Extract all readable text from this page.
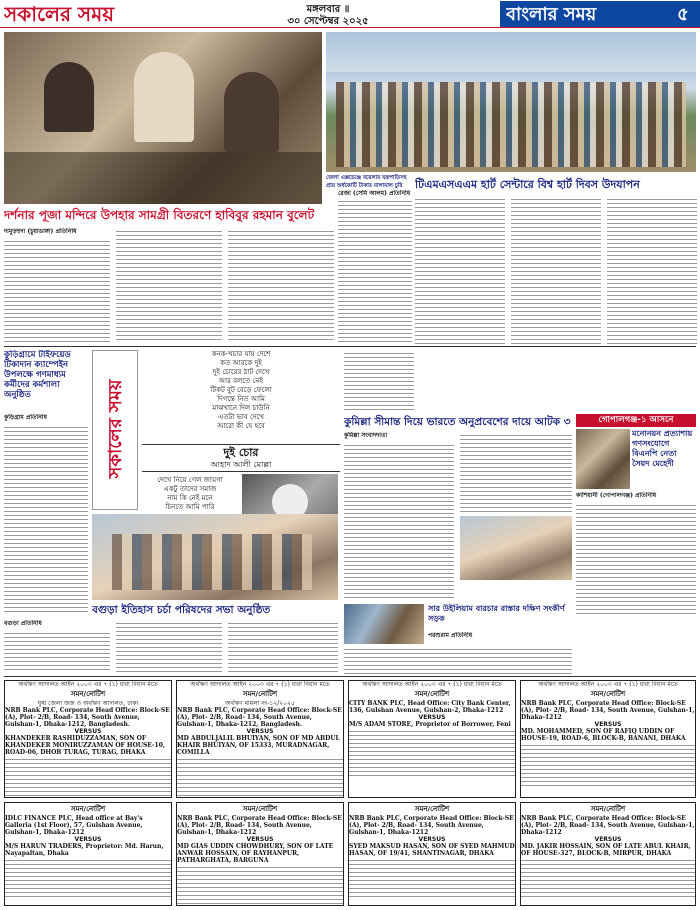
সকালের সময়	মঙ্গলবার ॥
৩০ সেপ্টেম্বর ২০২৫	বাংলার সময়	৫
দর্শনার পূজা মন্দিরে উপহার সামগ্রী বিতরণে হাবিবুর রহমান বুলেট
টিএমএসএএম হার্ট সেন্টারে বিশ্ব হার্ট দিবস উদযাপন
দামুড়হুদা (চুয়াডাঙ্গা) প্রতিনিধি
কুড়িগ্রামে টাইফয়েড টিকাদান ক্যাম্পেইন উপলক্ষে গণমাধ্যম কর্মীদের কর্মশালা অনুষ্ঠিত
কুড়িগ্রাম প্রতিনিধি	সকালের সময়
কনক-খচার যায় দেশে
কত আরকে দুই
দুই চোরের ঠাট দেখে
আর বলতে নেই
টিকট বুট বেড়ে ফেলো
দিগন্তে নিত আমি
মাঝখানে দিল চাউনি
এতটা ভাব দেখে
আরো কী যে হবে
দুই চোর
আহাদ আলী মোল্লা
দেখে নিয়ে গেল জায়গা
একটু তাদের সমাজ
নাম কি নেই মনে
চিনতে আমি পারি
কুমিল্লা সীমান্ত দিয়ে ভারতে অনুপ্রবেশের দায়ে আটক ৩
কুমিল্লা সংবাদদাতা
গোপালগঞ্জ-১ আসনে
মনোনয়ন প্রত্যাশায় গণসংযোগে বিএনপি নেতা সৈয়দ মেহেদী
কাশিয়ানী (গোপালগঞ্জ) প্রতিনিধি
বগুড়া ইতিহাস চর্চা পরিষদের সভা অনুষ্ঠিত
বগুড়া প্রতিনিধি
সার উইলিয়াম বারচার রাস্তার দক্ষিণ সংকীর্ণ সড়ক
পরশুরাম প্রতিনিধি
অর্থঋণ আদালত আইন ২০০৩ এর ৭ (১) ধারা বিধান মতে
সমন/নোটিশ
যুগ্ম জেলা জজ ও অর্থঋণ আদালত, ঢাকা
NRB Bank PLC, Corporate Head Office: Block-SE (A), Plot- 2/B, Road- 134, South Avenue, Gulshan-1, Dhaka-1212, Bangladesh.
VERSUS
KHANDEKER RASHIDUZZAMAN, SON OF KHANDEKER MONIRUZZAMAN OF HOUSE-10, ROAD-06, DHOB TURAG, TURAG, DHAKA
অর্থঋণ আদালত আইন ২০০৩ এর ৭ (১) ধারা বিধান মতে
সমন/নোটিশ
অর্থঋণ মামলা নং-১২/২০২৫
NRB Bank PLC, Corporate Head Office: Block-SE (A), Plot- 2/B, Road- 134, South Avenue, Gulshan-1, Dhaka-1212, Bangladesh.
VERSUS
MD ABDULJALIL BHUIYAN, SON OF MD ABDUL KHAIR BHUIYAN, OF 15333, MURADNAGAR, COMILLA
অর্থঋণ আদালত আইন ২০০৩ এর ৭ (১) ধারা বিধান মতে
সমন/নোটিশ
CITY BANK PLC, Head Office: City Bank Center, 136, Gulshan Avenue, Gulshan-2, Dhaka-1212
VERSUS
M/S ADAM STORE, Proprietor of Borrower, Feni
অর্থঋণ আদালত আইন ২০০৩ এর ৭ (১) ধারা বিধান মতে
সমন/নোটিশ
NRB Bank PLC, Corporate Head Office: Block-SE (A), Plot- 2/B, Road- 134, South Avenue, Gulshan-1, Dhaka-1212
VERSUS
MD. MOHAMMED, SON OF RAFIQ UDDIN OF HOUSE-19, ROAD-6, BLOCK-B, BANANI, DHAKA
সমন/নোটিশ
IDLC FINANCE PLC, Head office at Bay's Galleria (1st Floor), 57, Gulshan Avenue, Gulshan-1, Dhaka-1212
VERSUS
M/S HARUN TRADERS, Proprietor: Md. Harun, Nayapaltan, Dhaka
সমন/নোটিশ
NRB Bank PLC, Corporate Head Office: Block-SE (A), Plot- 2/B, Road- 134, South Avenue, Gulshan-1, Dhaka-1212
VERSUS
MD GIAS UDDIN CHOWDHURY, SON OF LATE ANWAR HOSSAIN, OF RAYHANPUR, PATHARGHATA, BARGUNA
সমন/নোটিশ
NRB Bank PLC, Corporate Head Office: Block-SE (A), Plot- 2/B, Road- 134, South Avenue, Gulshan-1, Dhaka-1212
VERSUS
SYED MAKSUD HASAN, SON OF SYED MAHMUD HASAN, OF 19/41, SHANTINAGAR, DHAKA
সমন/নোটিশ
NRB Bank PLC, Corporate Head Office: Block-SE (A), Plot- 2/B, Road- 134, South Avenue, Gulshan-1, Dhaka-1212
VERSUS
MD. JAKIR HOSSAIN, SON OF LATE ABUL KHAIR, OF HOUSE-327, BLOCK-B, MIRPUR, DHAKA
রেজা (সেমি আলম) প্রতিনিধি
জেলা এক্সচেঞ্জে বয়েলার যন্ত্রপাতিসহ প্রায় অর্ধকোটি টাকার মালামাল চুরি
